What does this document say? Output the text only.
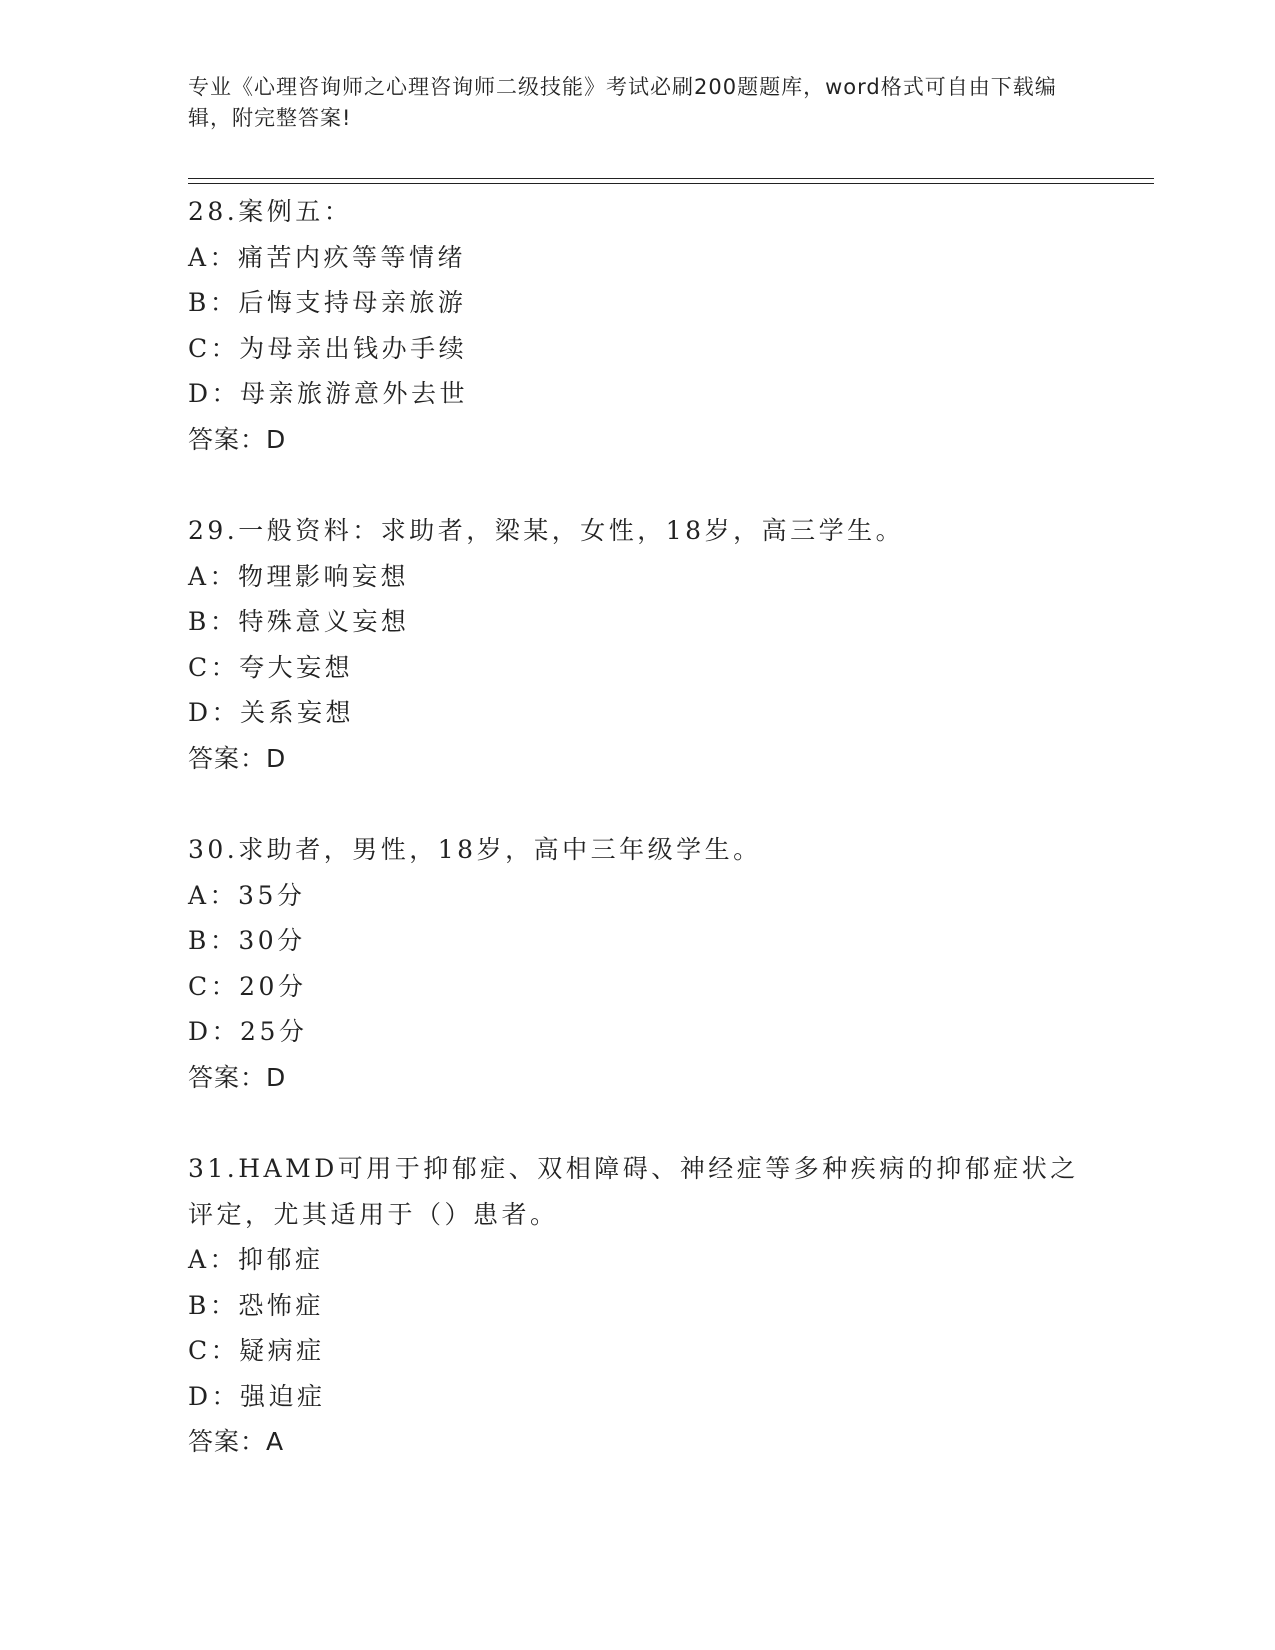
专业《心理咨询师之心理咨询师二级技能》考试必刷200题题库，word格式可自由下载编辑，附完整答案!
28.案例五：
A：痛苦内疚等等情绪
B：后悔支持母亲旅游
C：为母亲出钱办手续
D：母亲旅游意外去世
答案：D
29.一般资料：求助者，梁某，女性，18岁，高三学生。
A：物理影响妄想
B：特殊意义妄想
C：夸大妄想
D：关系妄想
答案：D
30.求助者，男性，18岁，高中三年级学生。
A：35分
B：30分
C：20分
D：25分
答案：D
31.HAMD可用于抑郁症、双相障碍、神经症等多种疾病的抑郁症状之评定，尤其适用于（）患者。
A：抑郁症
B：恐怖症
C：疑病症
D：强迫症
答案：A
